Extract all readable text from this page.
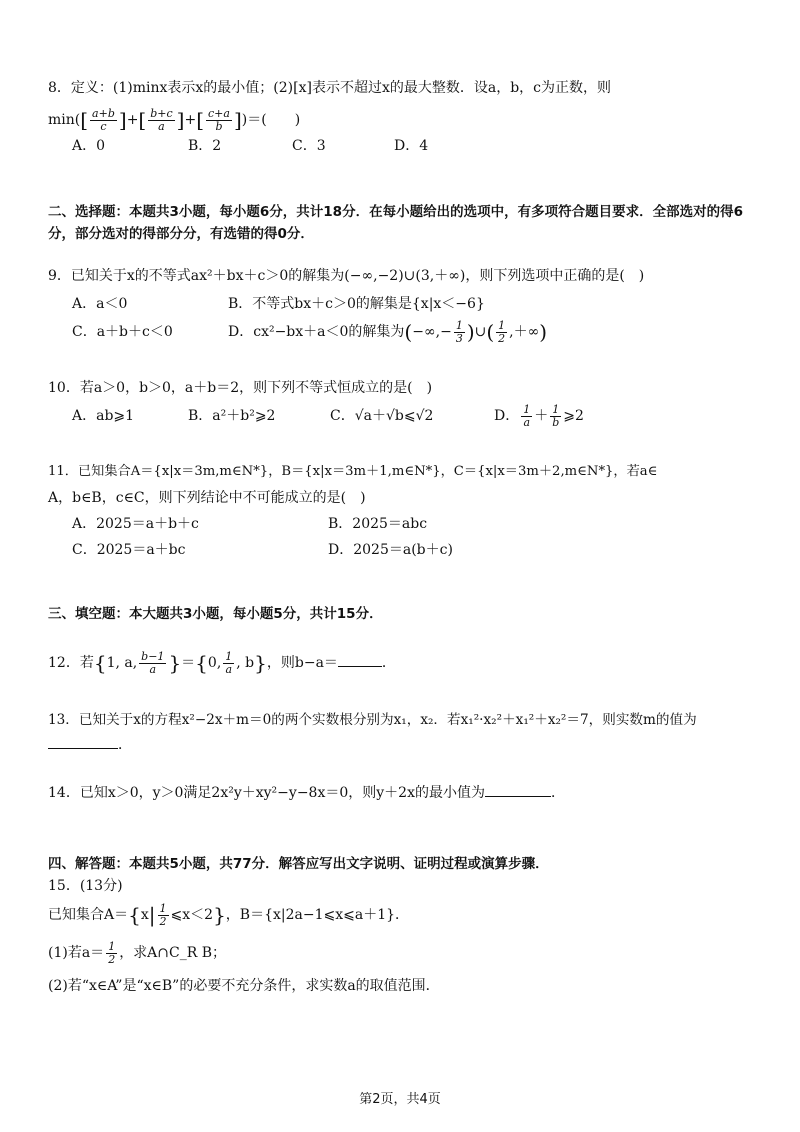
8．定义：(1)minx表示x的最小值；(2)[x]表示不超过x的最大整数．设a，b，c为正数，则
$\min([ \frac{a+b}{c}$ ]+[ $\frac{b+c}{a}$ ]+[ $\frac{c+a}{b}$ ])＝(　　)
A．0	B．2	C．3	D．4
二、选择题：本题共3小题，每小题6分，共计18分．在每小题给出的选项中，有多项符合题目要求．全部选对的得6
分，部分选对的得部分分，有选错的得0分．
9．已知关于x的不等式ax²＋bx＋c＞0的解集为(−∞,−2)∪(3,＋∞)，则下列选项中正确的是(　)
A．a＜0	B．不等式bx＋c＞0的解集是{x|x＜−6}
C．a＋b＋c＜0	D．cx²−bx＋a＜0的解集为(−∞,− $\frac{1}{3}$ )∪( $\frac{1}{2}$ ,＋∞)
10．若a＞0，b＞0，a＋b＝2，则下列不等式恒成立的是(　)
A．ab⩾1	B．a²＋b²⩾2	C．√a＋√b⩽√2	D． $\frac{1}{a} + \frac{1}{b}$ ⩾2
11．已知集合A＝{x|x＝3m,m∈N*}，B＝{x|x＝3m＋1,m∈N*}，C＝{x|x＝3m＋2,m∈N*}，若a∈
A，b∈B，c∈C，则下列结论中不可能成立的是(　)
A．2025＝a＋b＋c	B．2025＝abc
C．2025＝a＋bc	D．2025＝a(b＋c)
三、填空题：本大题共3小题，每小题5分，共计15分．
12．若{1, a, $\frac{b-1}{a} \}=\{0$, $\frac{1}{a}$ , b}，则b−a＝	．
13．已知关于x的方程x²−2x＋m＝0的两个实数根分别为x₁，x₂．若x₁²·x₂²＋x₁²＋x₂²＝7，则实数m的值为
．
14．已知x＞0，y＞0满足2x²y＋xy²−y−8x＝0，则y＋2x的最小值为	．
四、解答题：本题共5小题，共77分．解答应写出文字说明、证明过程或演算步骤．
15．(13分)
已知集合$A=\{x| \frac{1}{2}$ ⩽x＜2}，B＝{x|2a−1⩽x⩽a＋1}．
(1)若$a= \frac{1}{2}$ ，求A∩C_R B；
(2)若“x∈A”是“x∈B”的必要不充分条件，求实数a的取值范围．
第2页，共4页
